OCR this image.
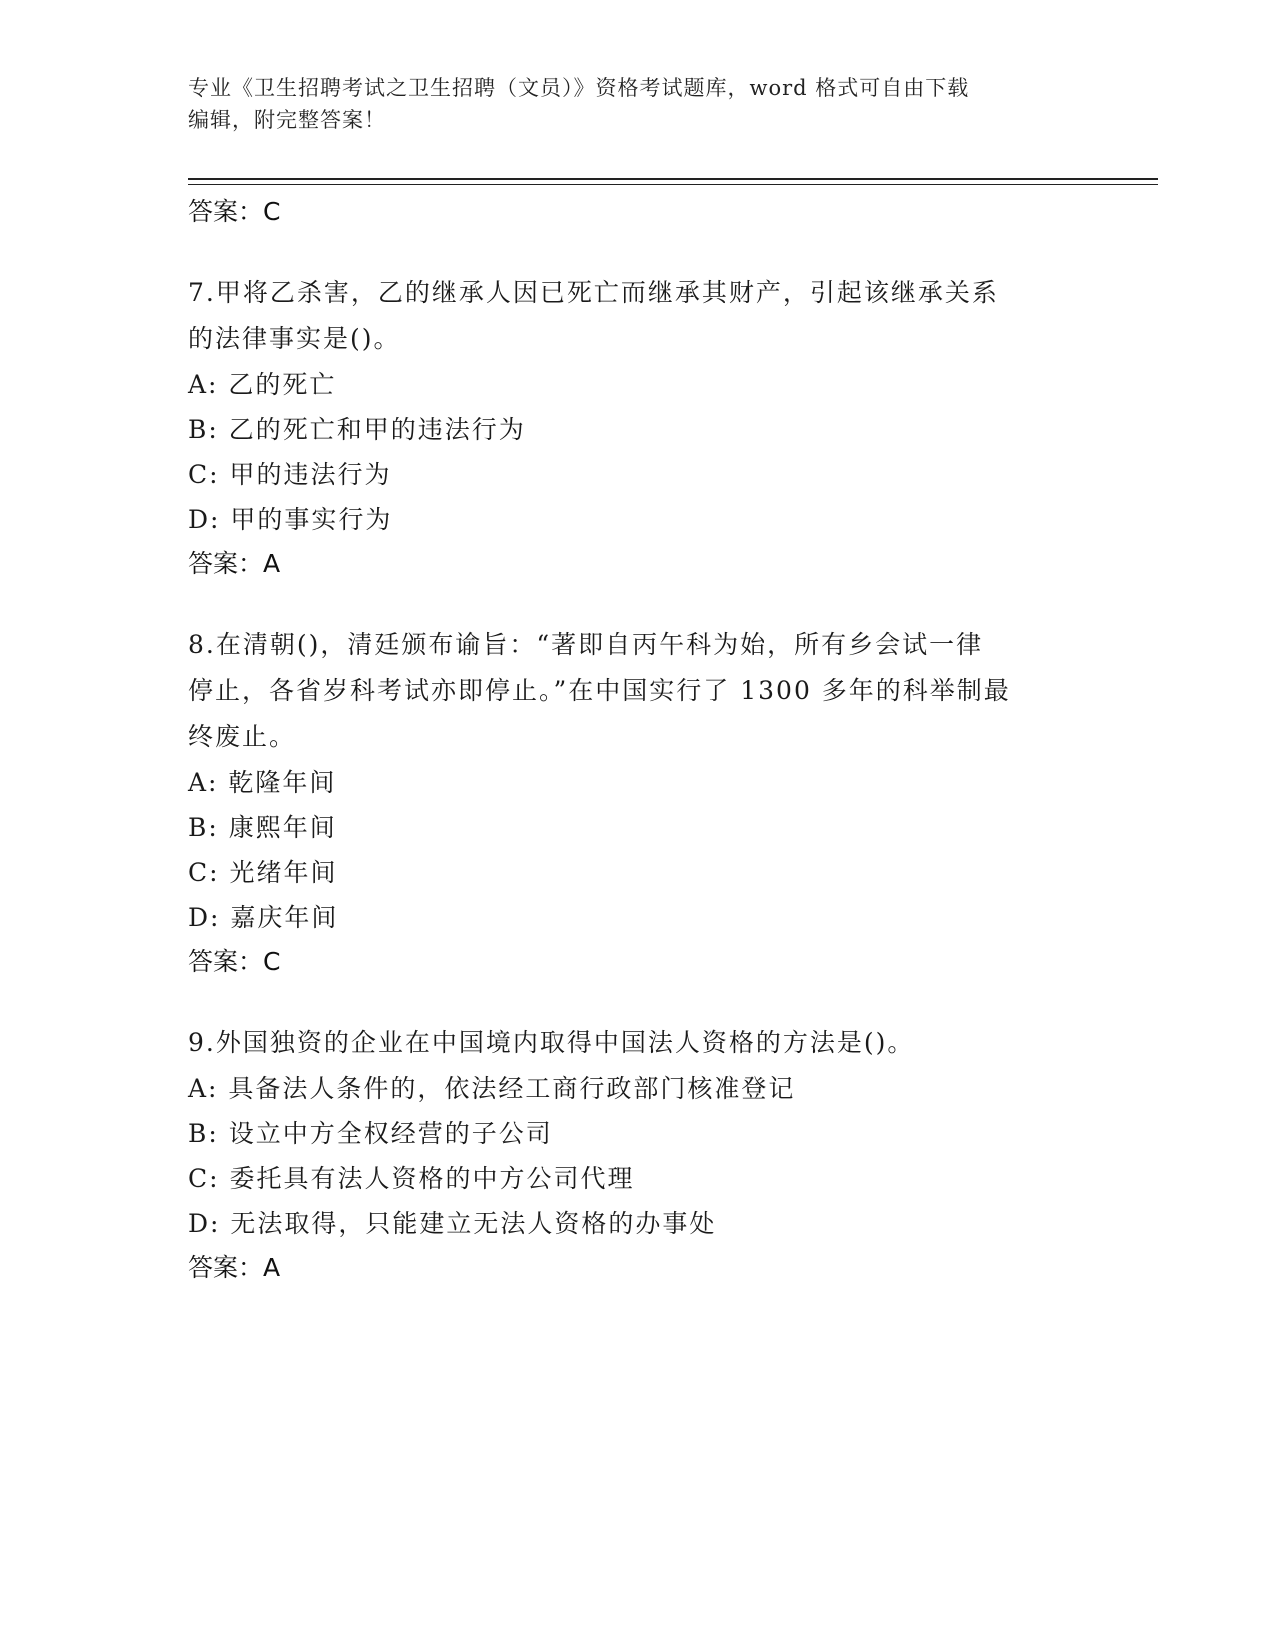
专业《卫生招聘考试之卫生招聘（文员）》资格考试题库，word 格式可自由下载
编辑，附完整答案！
答案：C
7.甲将乙杀害，乙的继承人因已死亡而继承其财产，引起该继承关系
的法律事实是()。
A: 乙的死亡
B: 乙的死亡和甲的违法行为
C: 甲的违法行为
D: 甲的事实行为
答案：A
8.在清朝()，清廷颁布谕旨：“著即自丙午科为始，所有乡会试一律
停止，各省岁科考试亦即停止。”在中国实行了 1300 多年的科举制最
终废止。
A: 乾隆年间
B: 康熙年间
C: 光绪年间
D: 嘉庆年间
答案：C
9.外国独资的企业在中国境内取得中国法人资格的方法是()。
A: 具备法人条件的，依法经工商行政部门核准登记
B: 设立中方全权经营的子公司
C: 委托具有法人资格的中方公司代理
D: 无法取得，只能建立无法人资格的办事处
答案：A
